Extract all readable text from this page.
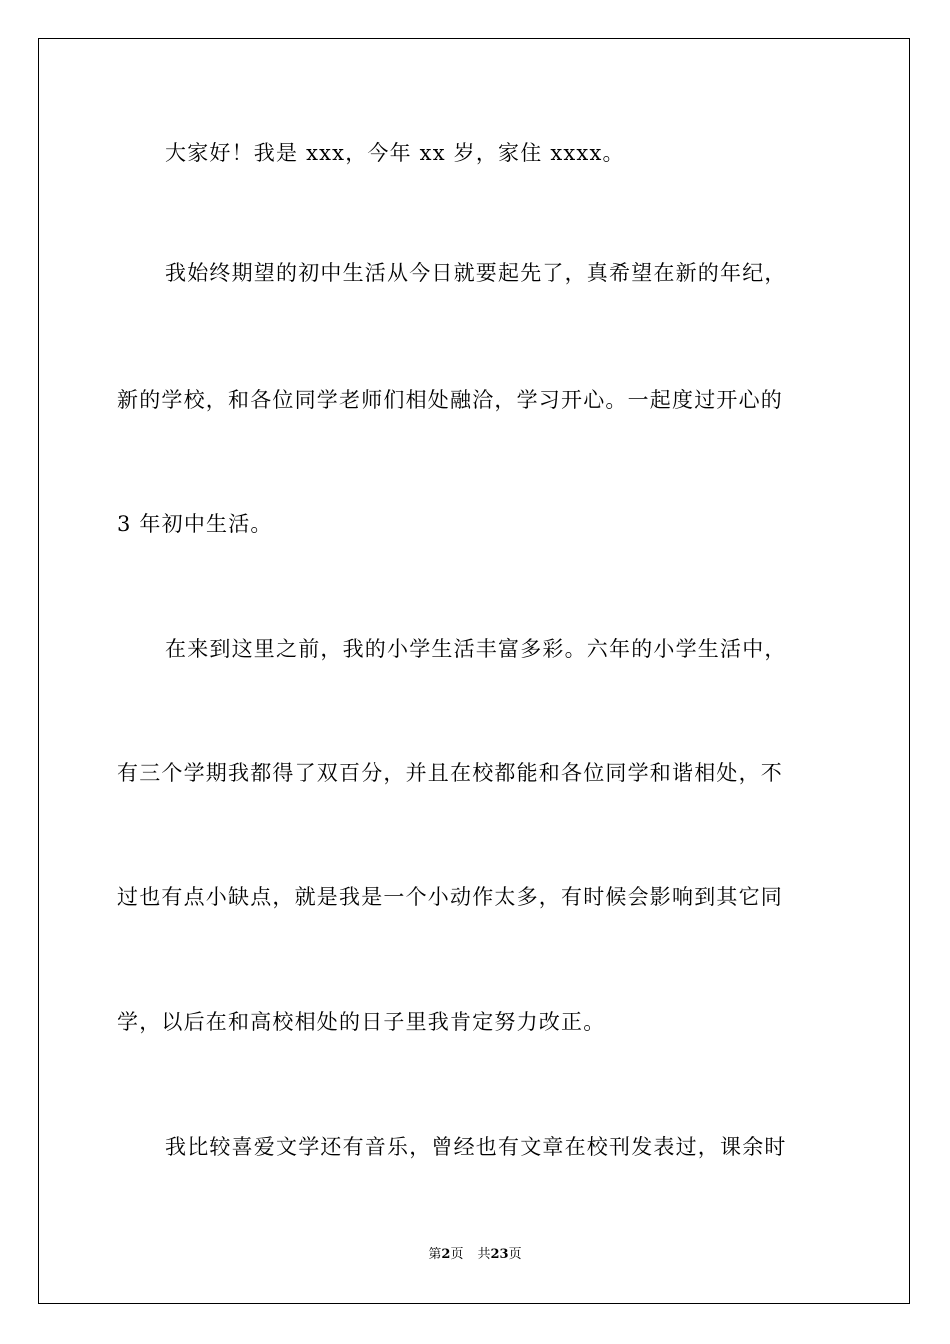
大家好！我是 xxx，今年 xx 岁，家住 xxxx。
我始终期望的初中生活从今日就要起先了，真希望在新的年纪，
新的学校，和各位同学老师们相处融洽，学习开心。一起度过开心的
3 年初中生活。
在来到这里之前，我的小学生活丰富多彩。六年的小学生活中，
有三个学期我都得了双百分，并且在校都能和各位同学和谐相处，不
过也有点小缺点，就是我是一个小动作太多，有时候会影响到其它同
学，以后在和高校相处的日子里我肯定努力改正。
我比较喜爱文学还有音乐，曾经也有文章在校刊发表过，课余时
第2页 共23页
